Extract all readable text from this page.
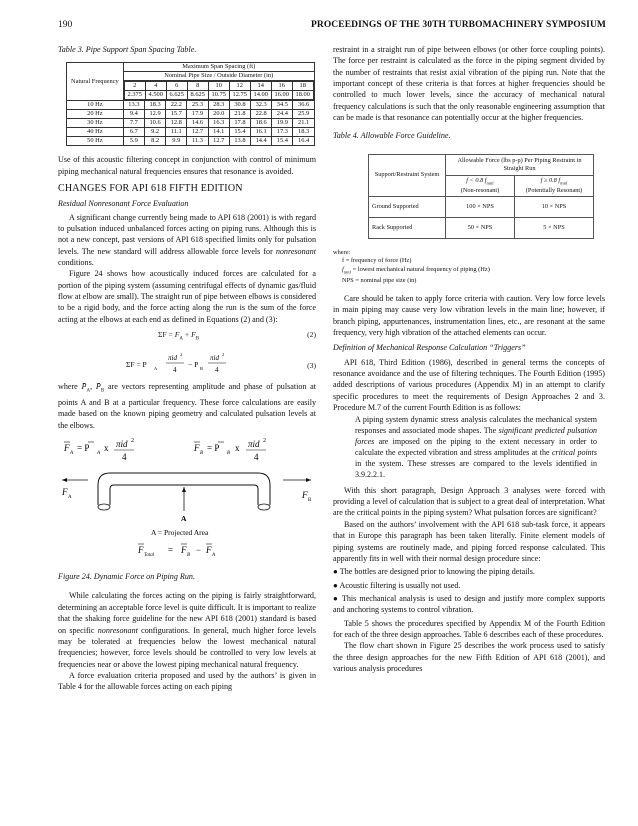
190	PROCEEDINGS OF THE 30TH TURBOMACHINERY SYMPOSIUM

Table 3. Pipe Support Span Spacing Table.

Natural Frequency	Maximum Span Spacing (ft)
Nominal Pipe Size / Outside Diameter (in)

2	4	6	8	10	12	14	16	18
2.375	4.500	6.625	8.625	10.75	12.75	14.00	16.00	18.00

10 Hz	13.3	18.3	22.2	25.3	28.3	30.8	32.3	34.5	36.6
20 Hz	9.4	12.9	15.7	17.9	20.0	21.8	22.8	24.4	25.9
30 Hz	7.7	10.6	12.8	14.6	16.3	17.8	18.6	19.9	21.1
40 Hz	6.7	9.2	11.1	12.7	14.1	15.4	16.1	17.3	18.3
50 Hz	5.9	8.2	9.9	11.3	12.7	13.8	14.4	15.4	16.4

Use of this acoustic filtering concept in conjunction with control of minimum piping mechanical natural frequencies ensures that resonance is avoided.

CHANGES FOR API 618 FIFTH EDITION

Residual Nonresonant Force Evaluation

A significant change currently being made to API 618 (2001) is with regard to pulsation induced unbalanced forces acting on piping runs. Although this is not a new concept, past versions of API 618 specified limits only for pulsation levels. The new standard will address allowable force levels for nonresonant conditions.

Figure 24 shows how acoustically induced forces are calculated for a portion of the piping system (assuming centrifugal effects of dynamic gas/fluid flow at elbow are small). The straight run of pipe between elbows is considered to be a rigid body, and the force acting along the run is the sum of the force acting at the elbows at each end as defined in Equations (2) and (3):

$\Sigma F = F_A + F_B$
(2)
ΣF = P A
πid 2
4
− P B
πid 2
4	(3)

where $P̄_A$, $P̄_B$ are vectors representing amplitude and phase of pulsation at points A and B at a particular frequency. These force calculations are easily made based on the known piping geometry and calculated pulsation levels at the elbows.

F
A
= P
A
x πid 2
4
F
B
= P
B
x πid 2
4
F
A	F
B
A
A = Projected Area
F
Total
= F
B
− F
A

Figure 24. Dynamic Force on Piping Run.

While calculating the forces acting on the piping is fairly straightforward, determining an acceptable force level is quite difficult. It is important to realize that the shaking force guideline for the new API 618 (2001) standard is based on specific nonresonant configurations. In general, much higher force levels may be tolerated at frequencies below the lowest mechanical natural frequencies; however, force levels should be controlled to very low levels at frequencies near or above the lowest piping mechanical natural frequency.

A force evaluation criteria proposed and used by the authors’ is given in Table 4 for the allowable forces acting on each piping

restraint in a straight run of pipe between elbows (or other force coupling points). The force per restraint is calculated as the force in the piping segment divided by the number of restraints that resist axial vibration of the piping run. Note that the important concept of these criteria is that forces at higher frequencies should be controlled to much lower levels, since the accuracy of mechanical natural frequency calculations is such that the only reasonable engineering assumption that can be made is that resonance can potentially occur at the higher frequencies.

Table 4. Allowable Force Guideline.

Support/Restraint System	Allowable Force (lbs p-p) Per Piping Restraint in Straight Run	
	f < 0.8 $f_{mnf}$
(Non-resonant)	f ≥ 0.8 $f_{mnf}$
(Potentially Resonant)
Ground Supported	100 × NPS	10 × NPS
Rack Supported	50 × NPS	5 × NPS
where:
f = frequency of force (Hz)
$f_{mnf}$ = lowest mechanical natural frequency of piping (Hz)
NPS = nominal pipe size (in)

Care should be taken to apply force criteria with caution. Very low force levels in main piping may cause very low vibration levels in the main line; however, if branch piping, appurtenances, instrumentation lines, etc., are resonant at the same frequency, very high vibration of the attached elements can occur.

Definition of Mechanical Response Calculation “Triggers”

API 618, Third Edition (1986), described in general terms the concepts of resonance avoidance and the use of filtering techniques. The Fourth Edition (1995) added descriptions of various procedures (Appendix M) in an attempt to clarify specific procedures to meet the requirements of Design Approaches 2 and 3. Procedure M.7 of the current Fourth Edition is as follows:

A piping system dynamic stress analysis calculates the mechanical system responses and associated mode shapes. The significant predicted pulsation forces are imposed on the piping to the extent necessary in order to calculate the expected vibration and stress amplitudes at the critical points in the system. These stresses are compared to the levels identified in 3.9.2.2.1.

With this short paragraph, Design Approach 3 analyses were forced with providing a level of calculation that is subject to a great deal of interpretation. What are the critical points in the piping system? What pulsation forces are significant?

Based on the authors’ involvement with the API 618 sub-task force, it appears that in Europe this paragraph has been taken literally. Finite element models of piping systems are routinely made, and piping forced response calculated. This apparently fits in well with their normal design procedure since:

● The bottles are designed prior to knowing the piping details.

● Acoustic filtering is usually not used.

● This mechanical analysis is used to design and justify more complex supports and anchoring systems to control vibration.

Table 5 shows the procedures specified by Appendix M of the Fourth Edition for each of the three design approaches. Table 6 describes each of these procedures.

The flow chart shown in Figure 25 describes the work process used to satisfy the three design approaches for the new Fifth Edition of API 618 (2001), and various analysis procedures
